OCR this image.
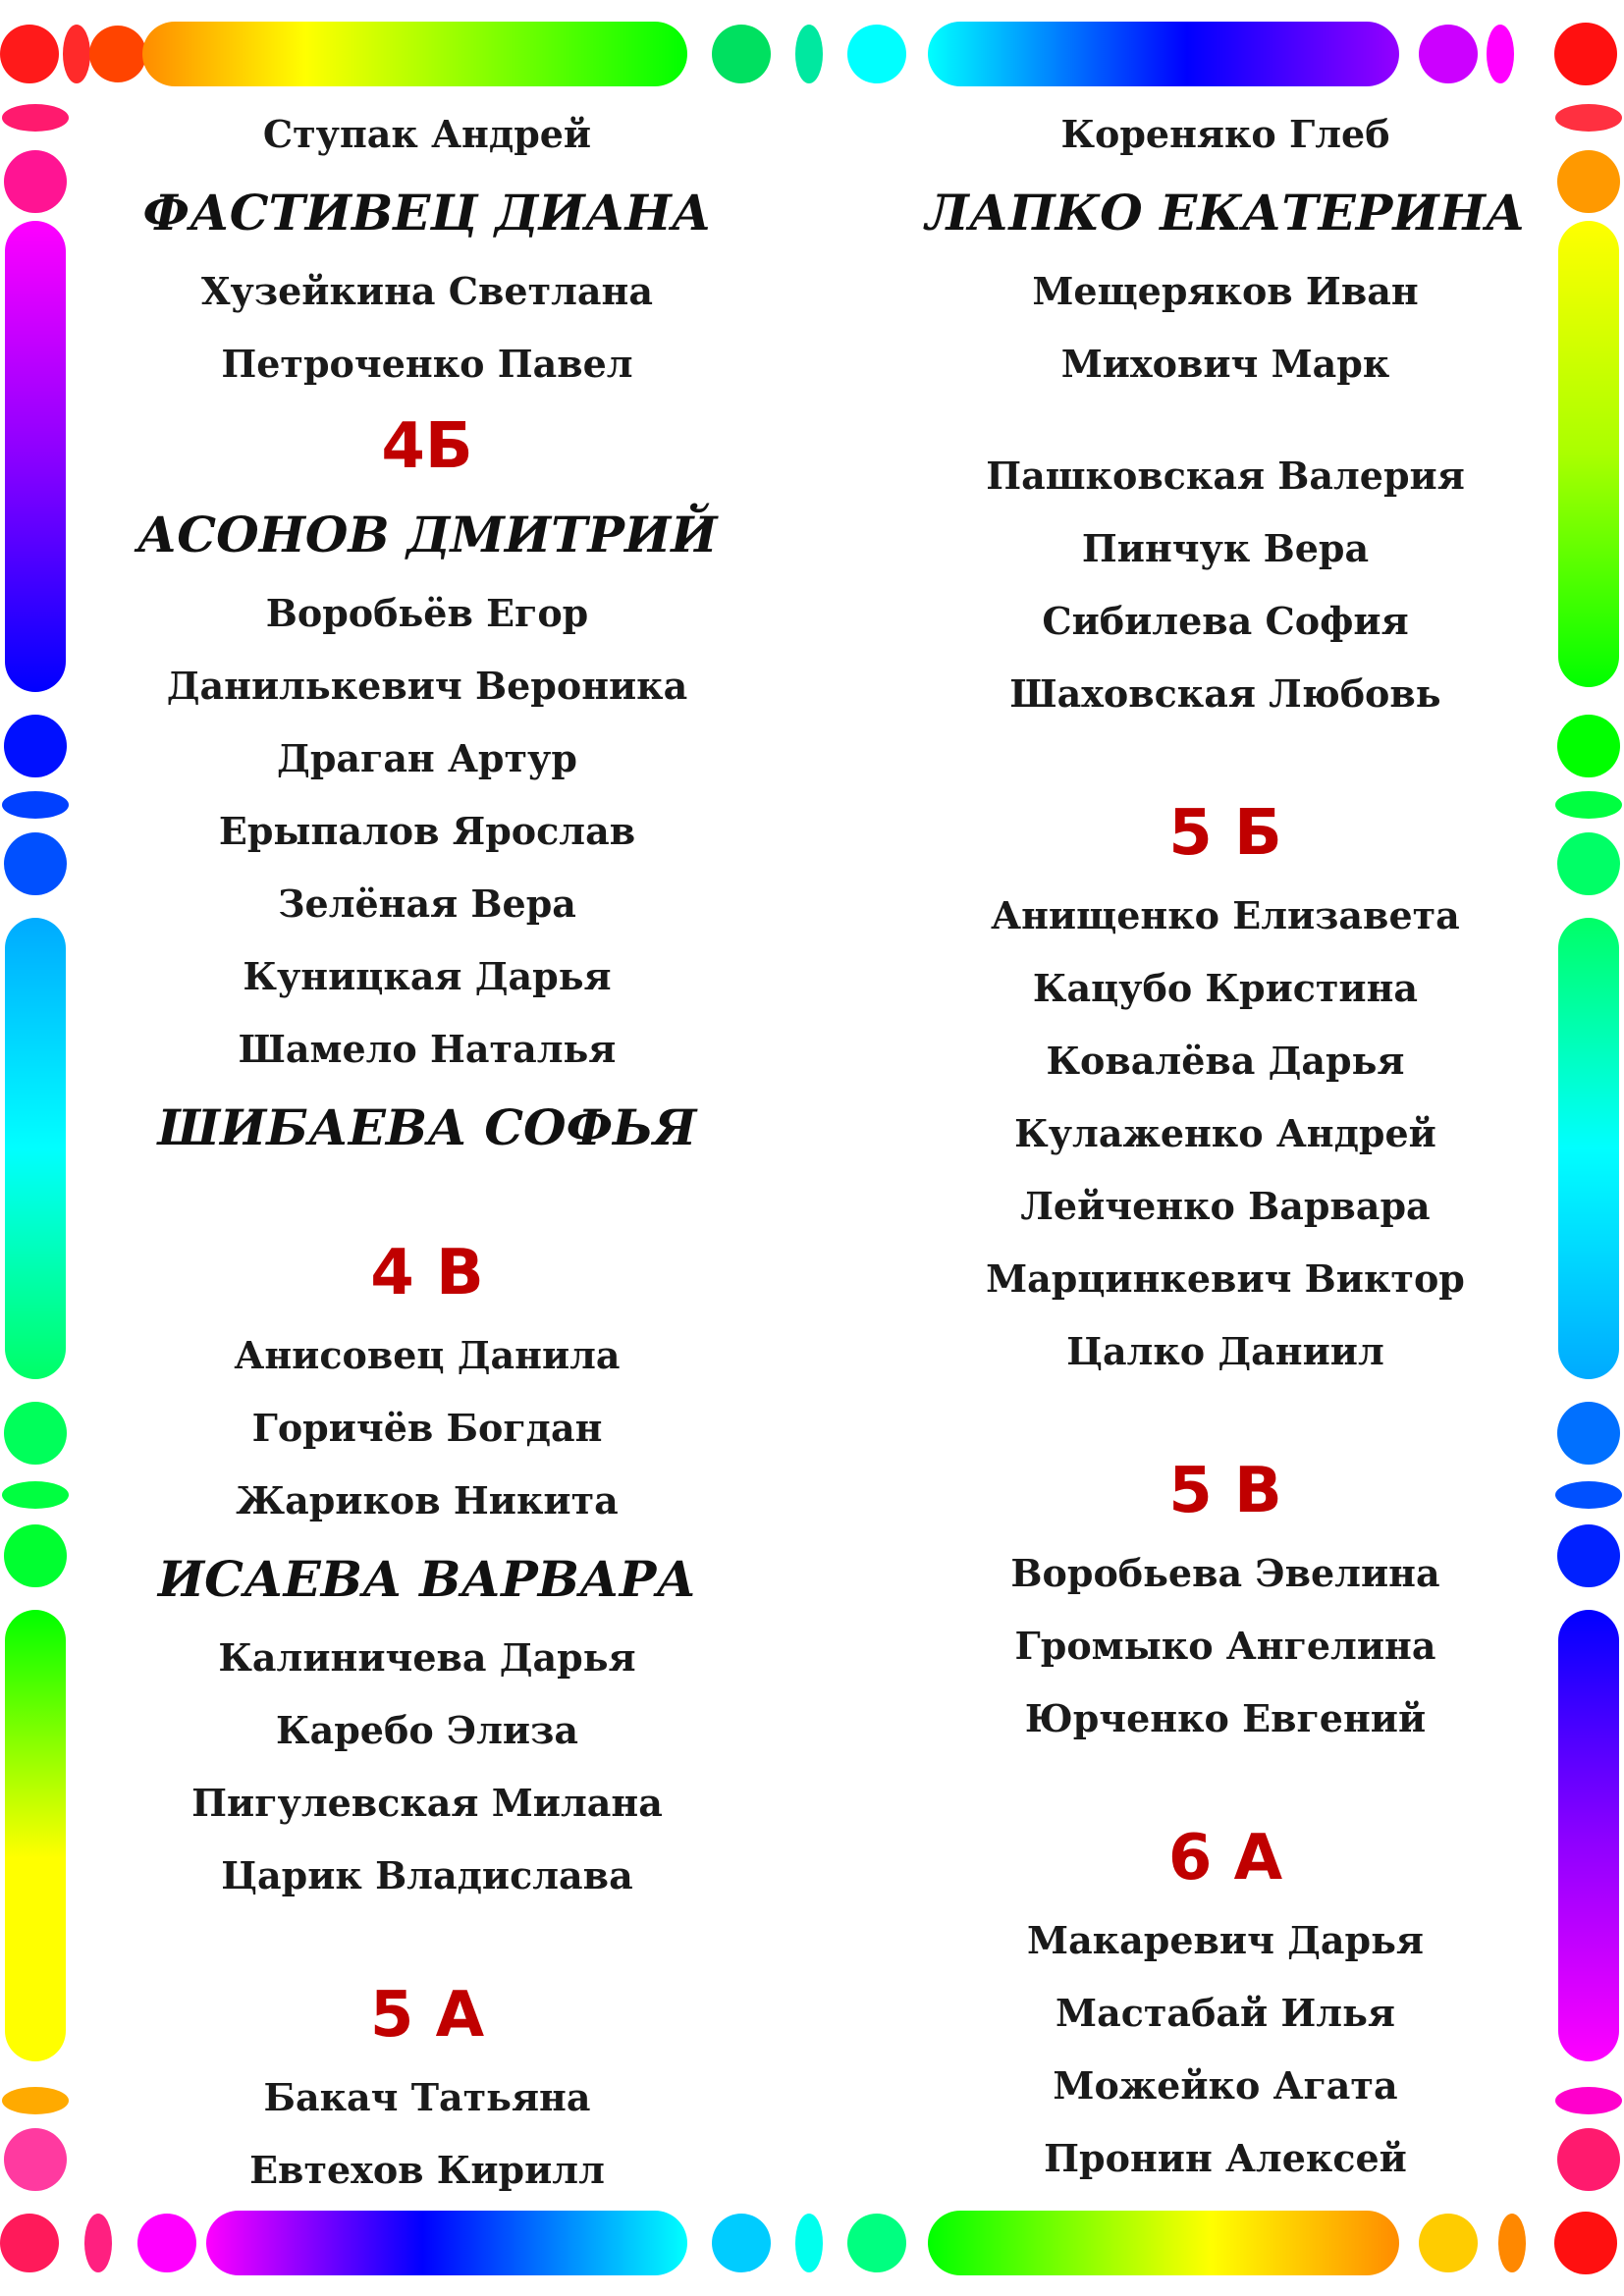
Ступак Андрей
ФАСТИВЕЦ ДИАНА
Хузейкина Светлана
Петроченко Павел
4Б
АСОНОВ ДМИТРИЙ
Воробьёв Егор
Данилькевич Вероника
Драган Артур
Ерыпалов Ярослав
Зелёная Вера
Куницкая Дарья
Шамело Наталья
ШИБАЕВА СОФЬЯ
4 В
Анисовец Данила
Горичёв Богдан
Жариков Никита
ИСАЕВА ВАРВАРА
Калиничева Дарья
Каребо Элиза
Пигулевская Милана
Царик Владислава
5 А
Бакач Татьяна
Евтехов Кирилл
Кореняко Глеб
ЛАПКО ЕКАТЕРИНА
Мещеряков Иван
Михович Марк
Пашковская Валерия
Пинчук Вера
Сибилева София
Шаховская Любовь
5 Б
Анищенко Елизавета
Кацубо Кристина
Ковалёва Дарья
Кулаженко Андрей
Лейченко Варвара
Марцинкевич Виктор
Цалко Даниил
5 В
Воробьева Эвелина
Громыко Ангелина
Юрченко Евгений
6 А
Макаревич Дарья
Мастабай Илья
Можейко Агата
Пронин Алексей
